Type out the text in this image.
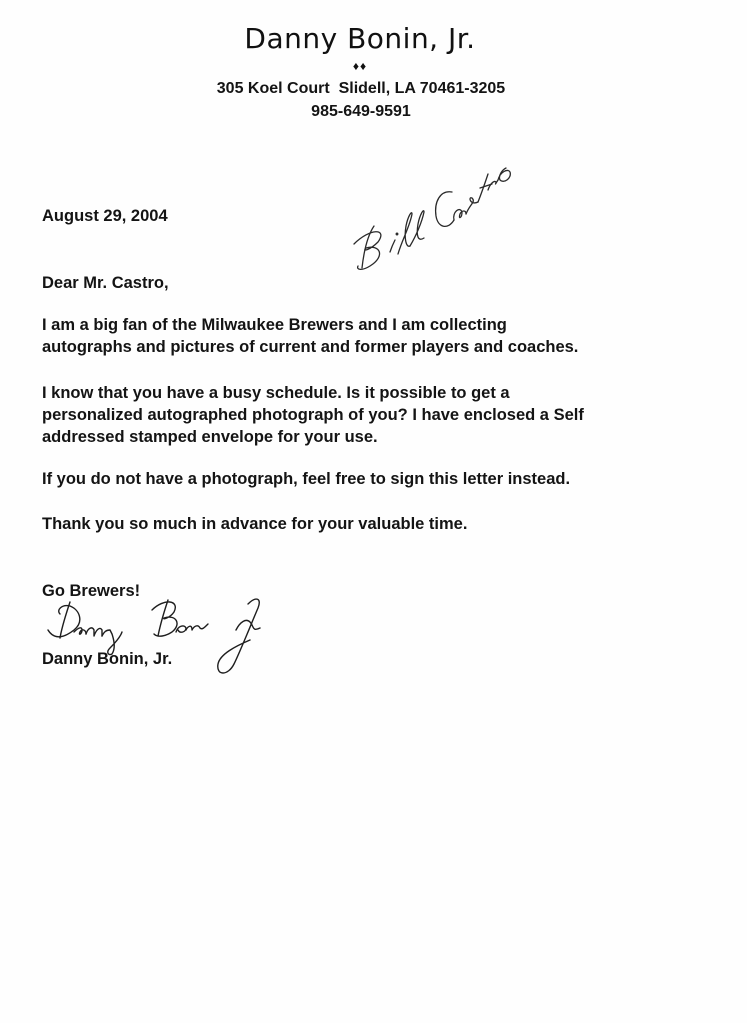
Danny Bonin, Jr.
♦♦
305 Koel Court  Slidell, LA 70461-3205
985-649-9591
August 29, 2004
Dear Mr. Castro,
I am a big fan of the Milwaukee Brewers and I am collecting
autographs and pictures of current and former players and coaches.
I know that you have a busy schedule. Is it possible to get a
personalized autographed photograph of you? I have enclosed a Self
addressed stamped envelope for your use.
If you do not have a photograph, feel free to sign this letter instead.
Thank you so much in advance for your valuable time.
Go Brewers!
Danny Bonin, Jr.
